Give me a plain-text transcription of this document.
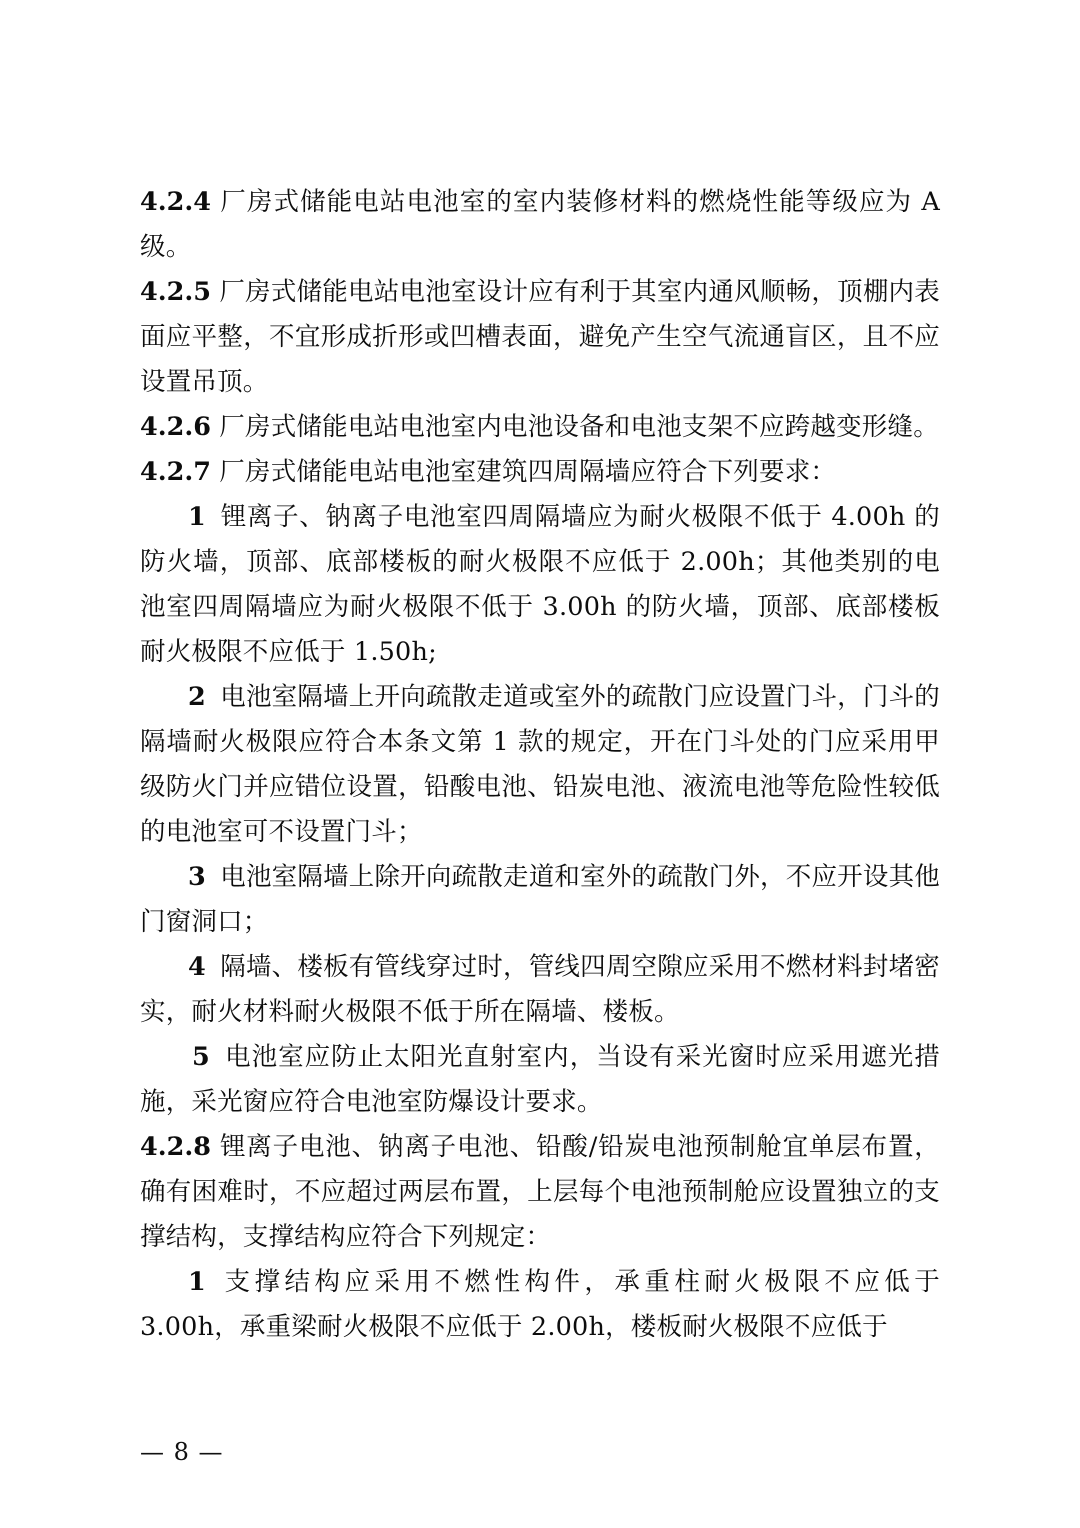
4.2.4 厂房式储能电站电池室的室内装修材料的燃烧性能等级应为 A 级。

4.2.5 厂房式储能电站电池室设计应有利于其室内通风顺畅，顶棚内表面应平整，不宜形成折形或凹槽表面，避免产生空气流通盲区，且不应设置吊顶。

4.2.6 厂房式储能电站电池室内电池设备和电池支架不应跨越变形缝。

4.2.7 厂房式储能电站电池室建筑四周隔墙应符合下列要求：

1 锂离子、钠离子电池室四周隔墙应为耐火极限不低于 4.00h 的防火墙，顶部、底部楼板的耐火极限不应低于 2.00h；其他类别的电池室四周隔墙应为耐火极限不低于 3.00h 的防火墙，顶部、底部楼板耐火极限不应低于 1.50h;

2 电池室隔墙上开向疏散走道或室外的疏散门应设置门斗，门斗的隔墙耐火极限应符合本条文第 1 款的规定，开在门斗处的门应采用甲级防火门并应错位设置，铅酸电池、铅炭电池、液流电池等危险性较低的电池室可不设置门斗；

3 电池室隔墙上除开向疏散走道和室外的疏散门外，不应开设其他门窗洞口；

4 隔墙、楼板有管线穿过时，管线四周空隙应采用不燃材料封堵密实，耐火材料耐火极限不低于所在隔墙、楼板。

5 电池室应防止太阳光直射室内，当设有采光窗时应采用遮光措施，采光窗应符合电池室防爆设计要求。

4.2.8 锂离子电池、钠离子电池、铅酸/铅炭电池预制舱宜单层布置，确有困难时，不应超过两层布置，上层每个电池预制舱应设置独立的支撑结构，支撑结构应符合下列规定：

1 支撑结构应采用不燃性构件，承重柱耐火极限不应低于 3.00h，承重梁耐火极限不应低于 2.00h，楼板耐火极限不应低于

— 8 —
